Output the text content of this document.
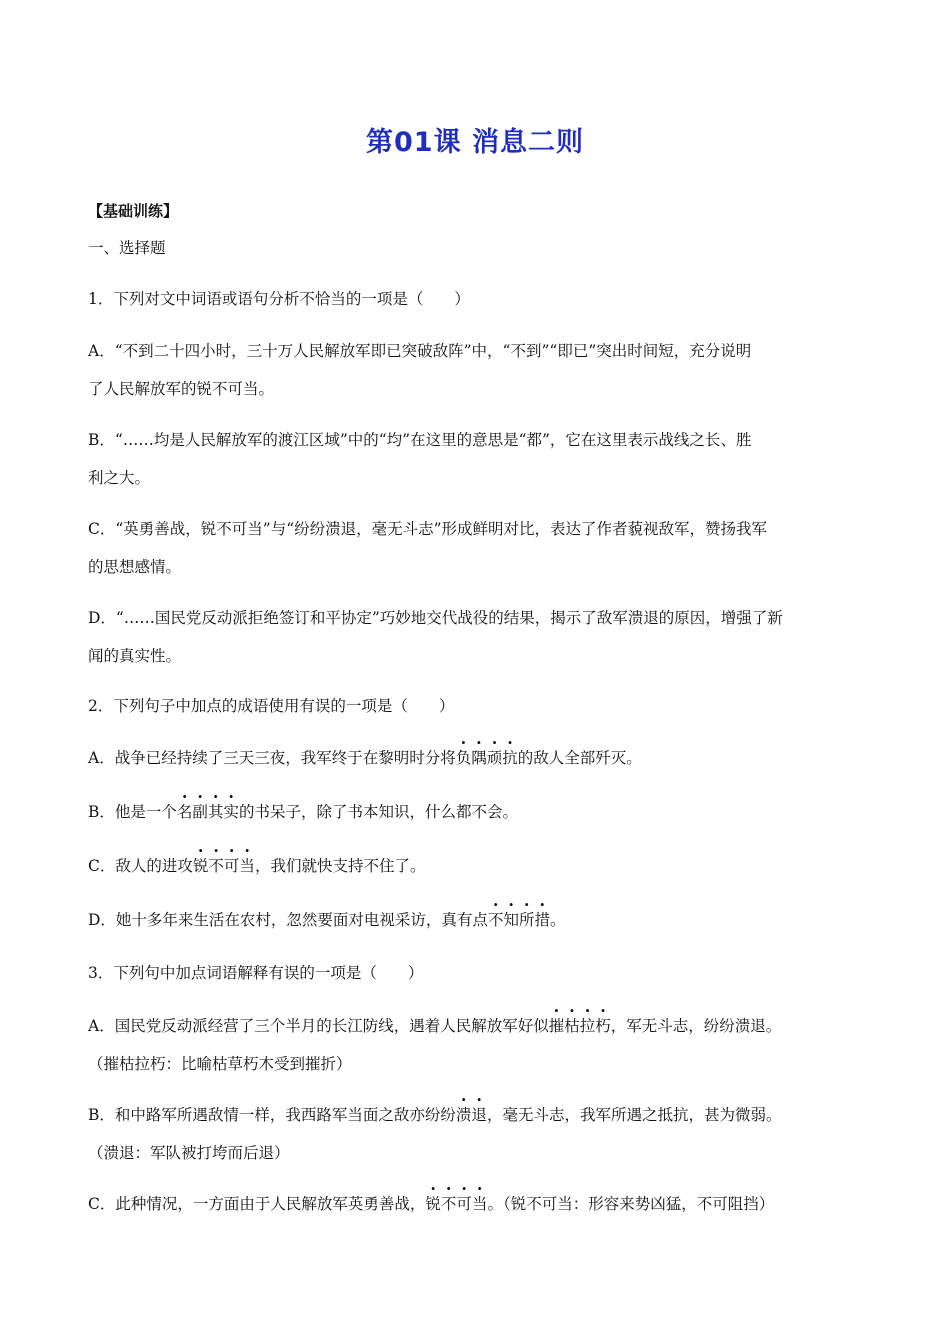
第01课 消息二则
【基础训练】
一、选择题
1．下列对文中词语或语句分析不恰当的一项是（　　）
A．“不到二十四小时，三十万人民解放军即已突破敌阵”中，“不到”“即已”突出时间短，充分说明
了人民解放军的锐不可当。
B．“……均是人民解放军的渡江区域”中的“均”在这里的意思是“都”，它在这里表示战线之长、胜
利之大。
C．“英勇善战，锐不可当”与“纷纷溃退，毫无斗志”形成鲜明对比，表达了作者藐视敌军，赞扬我军
的思想感情。
D．“……国民党反动派拒绝签订和平协定”巧妙地交代战役的结果，揭示了敌军溃退的原因，增强了新
闻的真实性。
2．下列句子中加点的成语使用有误的一项是（　　）
A．战争已经持续了三天三夜，我军终于在黎明时分将负隅顽抗的敌人全部歼灭。
B．他是一个名副其实的书呆子，除了书本知识，什么都不会。
C．敌人的进攻锐不可当，我们就快支持不住了。
D．她十多年来生活在农村，忽然要面对电视采访，真有点不知所措。
3．下列句中加点词语解释有误的一项是（　　）
A．国民党反动派经营了三个半月的长江防线，遇着人民解放军好似摧枯拉朽，军无斗志，纷纷溃退。
（摧枯拉朽：比喻枯草朽木受到摧折）
B．和中路军所遇敌情一样，我西路军当面之敌亦纷纷溃退，毫无斗志，我军所遇之抵抗，甚为微弱。
（溃退：军队被打垮而后退）
C．此种情况，一方面由于人民解放军英勇善战，锐不可当。（锐不可当：形容来势凶猛，不可阻挡）
